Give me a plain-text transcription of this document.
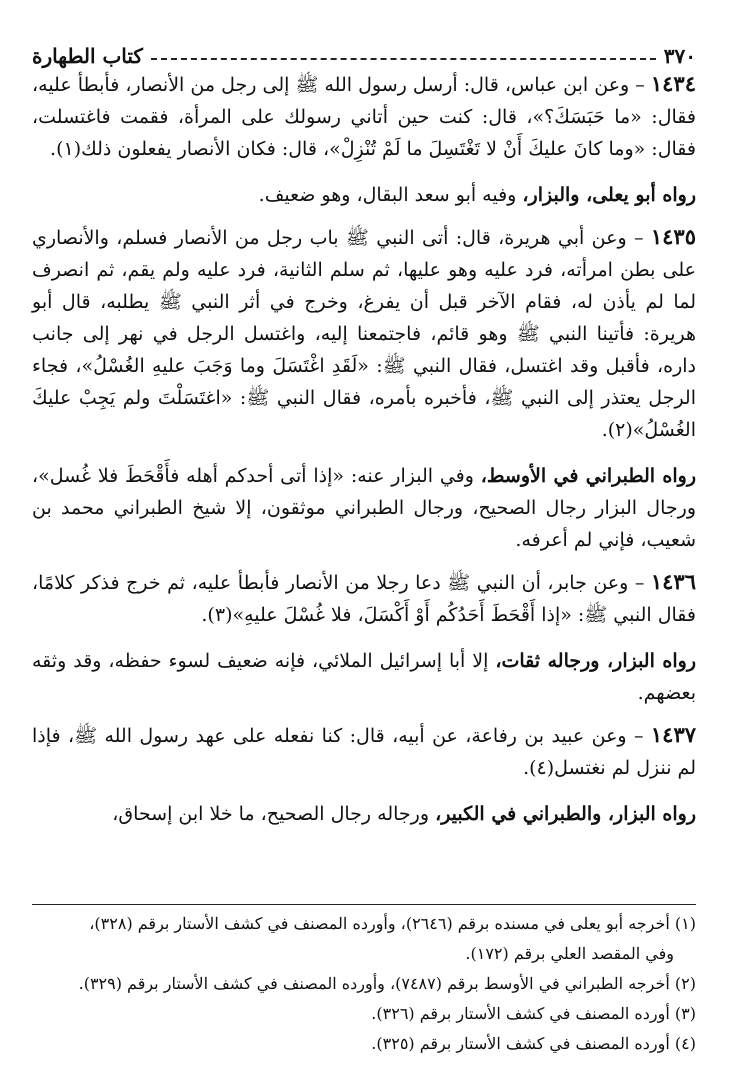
٣٧٠
كتاب الطهارة

١٤٣٤ – وعن ابن عباس، قال: أرسل رسول الله ﷺ إلى رجل من الأنصار، فأبطأ عليه، فقال: «ما حَبَسَكَ؟»، قال: كنت حين أتاني رسولك على المرأة، فقمت فاغتسلت، فقال: «وما كانَ عليكَ أَنْ لا تَغْتَسِلَ ما لَمْ تُنْزِلْ»، قال: فكان الأنصار يفعلون ذلك(١).

رواه أبو يعلى، والبزار، وفيه أبو سعد البقال، وهو ضعيف.

١٤٣٥ – وعن أبي هريرة، قال: أتى النبي ﷺ باب رجل من الأنصار فسلم، والأنصاري على بطن امرأته، فرد عليه وهو عليها، ثم سلم الثانية، فرد عليه ولم يقم، ثم انصرف لما لم يأذن له، فقام الآخر قبل أن يفرغ، وخرج في أثر النبي ﷺ يطلبه، قال أبو هريرة: فأتينا النبي ﷺ وهو قائم، فاجتمعنا إليه، واغتسل الرجل في نهر إلى جانب داره، فأقبل وقد اغتسل، فقال النبي ﷺ: «لَقَدِ اغْتَسَلَ وما وَجَبَ عليهِ الغُسْلُ»، فجاء الرجل يعتذر إلى النبي ﷺ، فأخبره بأمره، فقال النبي ﷺ: «اغتَسَلْتَ ولم يَجِبْ عليكَ الغُسْلُ»(٢).

رواه الطبراني في الأوسط، وفي البزار عنه: «إذا أتى أحدكم أهله فأَقْحَطَ فلا غُسل»، ورجال البزار رجال الصحيح، ورجال الطبراني موثقون، إلا شيخ الطبراني محمد بن شعيب، فإني لم أعرفه.

١٤٣٦ – وعن جابر، أن النبي ﷺ دعا رجلا من الأنصار فأبطأ عليه، ثم خرج فذكر كلامًا، فقال النبي ﷺ: «إذا أَقْحَطَ أَحَدُكُم أَوْ أَكْسَلَ، فلا غُسْلَ عليهِ»(٣).

رواه البزار، ورجاله ثقات، إلا أبا إسرائيل الملائي، فإنه ضعيف لسوء حفظه، وقد وثقه بعضهم.

١٤٣٧ – وعن عبيد بن رفاعة، عن أبيه، قال: كنا نفعله على عهد رسول الله ﷺ، فإذا لم ننزل لم نغتسل(٤).

رواه البزار، والطبراني في الكبير، ورجاله رجال الصحيح، ما خلا ابن إسحاق،

(١) أخرجه أبو يعلى في مسنده برقم (٢٦٤٦)، وأورده المصنف في كشف الأستار برقم (٣٢٨)،

وفي المقصد العلي برقم (١٧٢).

(٢) أخرجه الطبراني في الأوسط برقم (٧٤٨٧)، وأورده المصنف في كشف الأستار برقم (٣٢٩).

(٣) أورده المصنف في كشف الأستار برقم (٣٢٦).

(٤) أورده المصنف في كشف الأستار برقم (٣٢٥).
